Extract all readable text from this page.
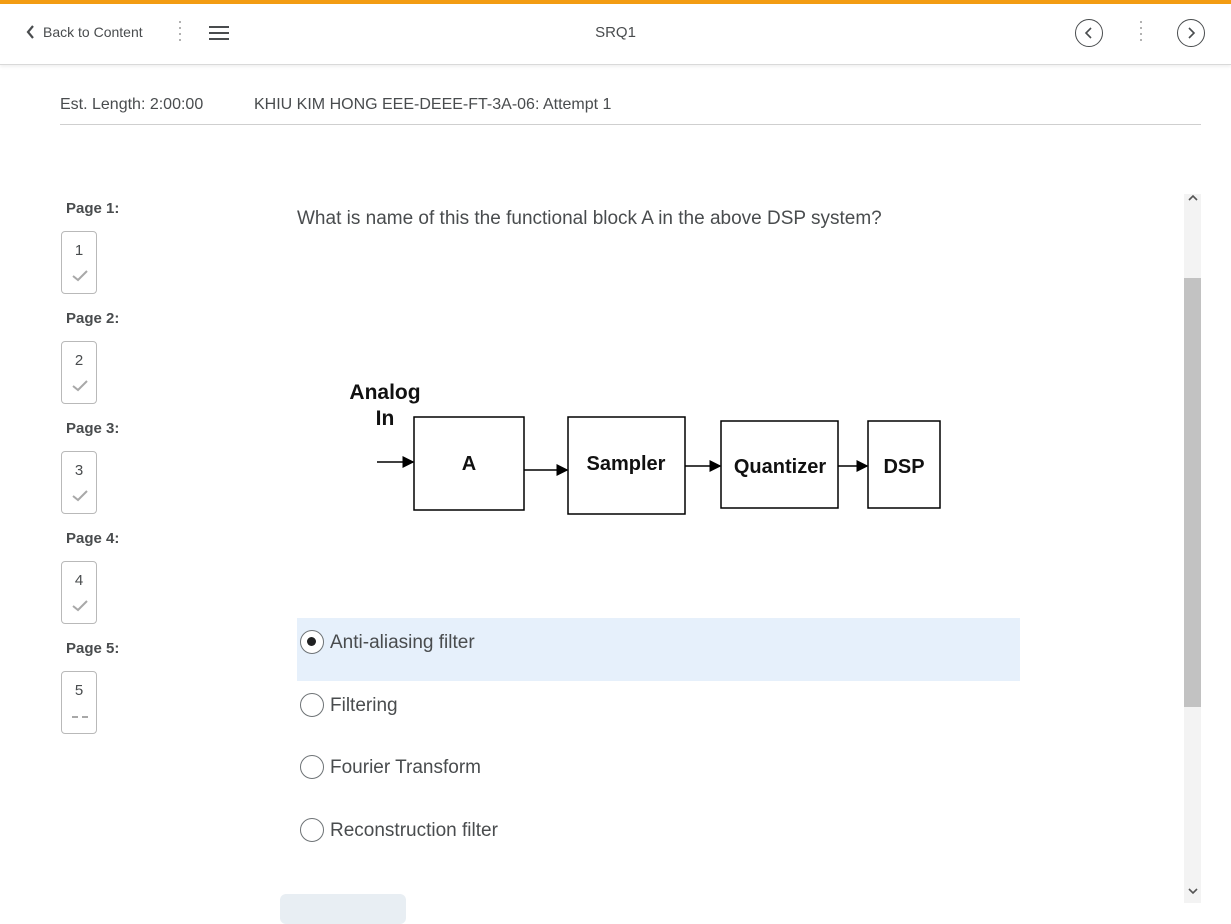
Back to Content	SRQ1
Est. Length: 2:00:00	KHIU KIM HONG EEE-DEEE-FT-3A-06: Attempt 1
Page 1:
1
Page 2:
2
Page 3:
3
Page 4:
4
Page 5:
5
What is name of this the functional block A in the above DSP system?
Analog
In
A	Sampler	Quantizer	DSP
Anti-aliasing filter
Filtering
Fourier Transform
Reconstruction filter
